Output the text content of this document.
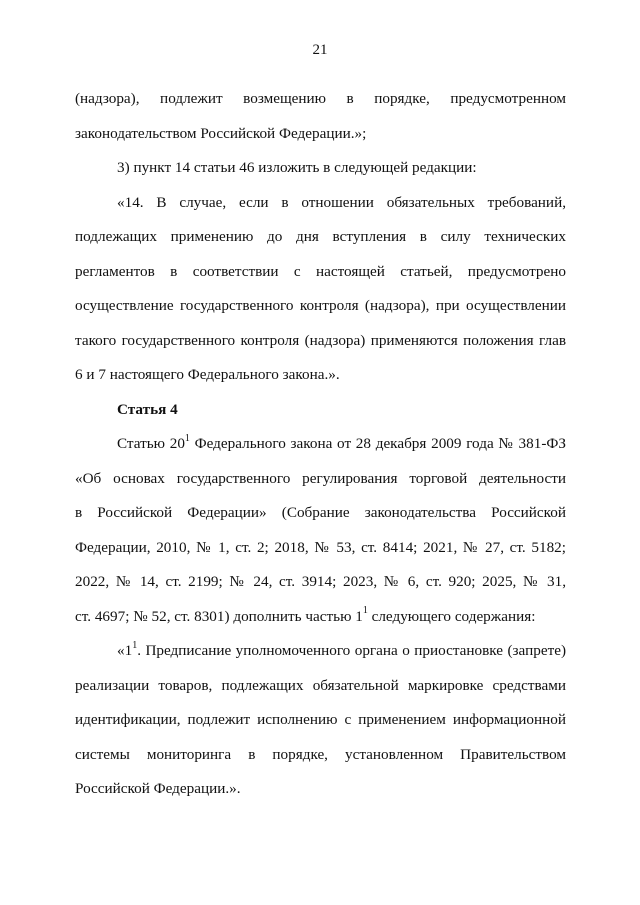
21
(надзора), подлежит возмещению в порядке, предусмотренном
законодательством Российской Федерации.»;
3) пункт 14 статьи 46 изложить в следующей редакции:
«14. В случае, если в отношении обязательных требований,
подлежащих применению до дня вступления в силу технических
регламентов в соответствии с настоящей статьей, предусмотрено
осуществление государственного контроля (надзора), при осуществлении
такого государственного контроля (надзора) применяются положения глав
6 и 7 настоящего Федерального закона.».
Статья 4
Статью $20^1$ Федерального закона от 28 декабря 2009 года № 381-ФЗ
«Об основах государственного регулирования торговой деятельности
в Российской Федерации» (Собрание законодательства Российской
Федерации, 2010, № 1, ст. 2; 2018, № 53, ст. 8414; 2021, № 27, ст. 5182;
2022, № 14, ст. 2199; № 24, ст. 3914; 2023, № 6, ст. 920; 2025, № 31,
ст. 4697; № 52, ст. 8301) дополнить частью $1^1$ следующего содержания:
«$1^1$. Предписание уполномоченного органа о приостановке (запрете)
реализации товаров, подлежащих обязательной маркировке средствами
идентификации, подлежит исполнению с применением информационной
системы мониторинга в порядке, установленном Правительством
Российской Федерации.».
